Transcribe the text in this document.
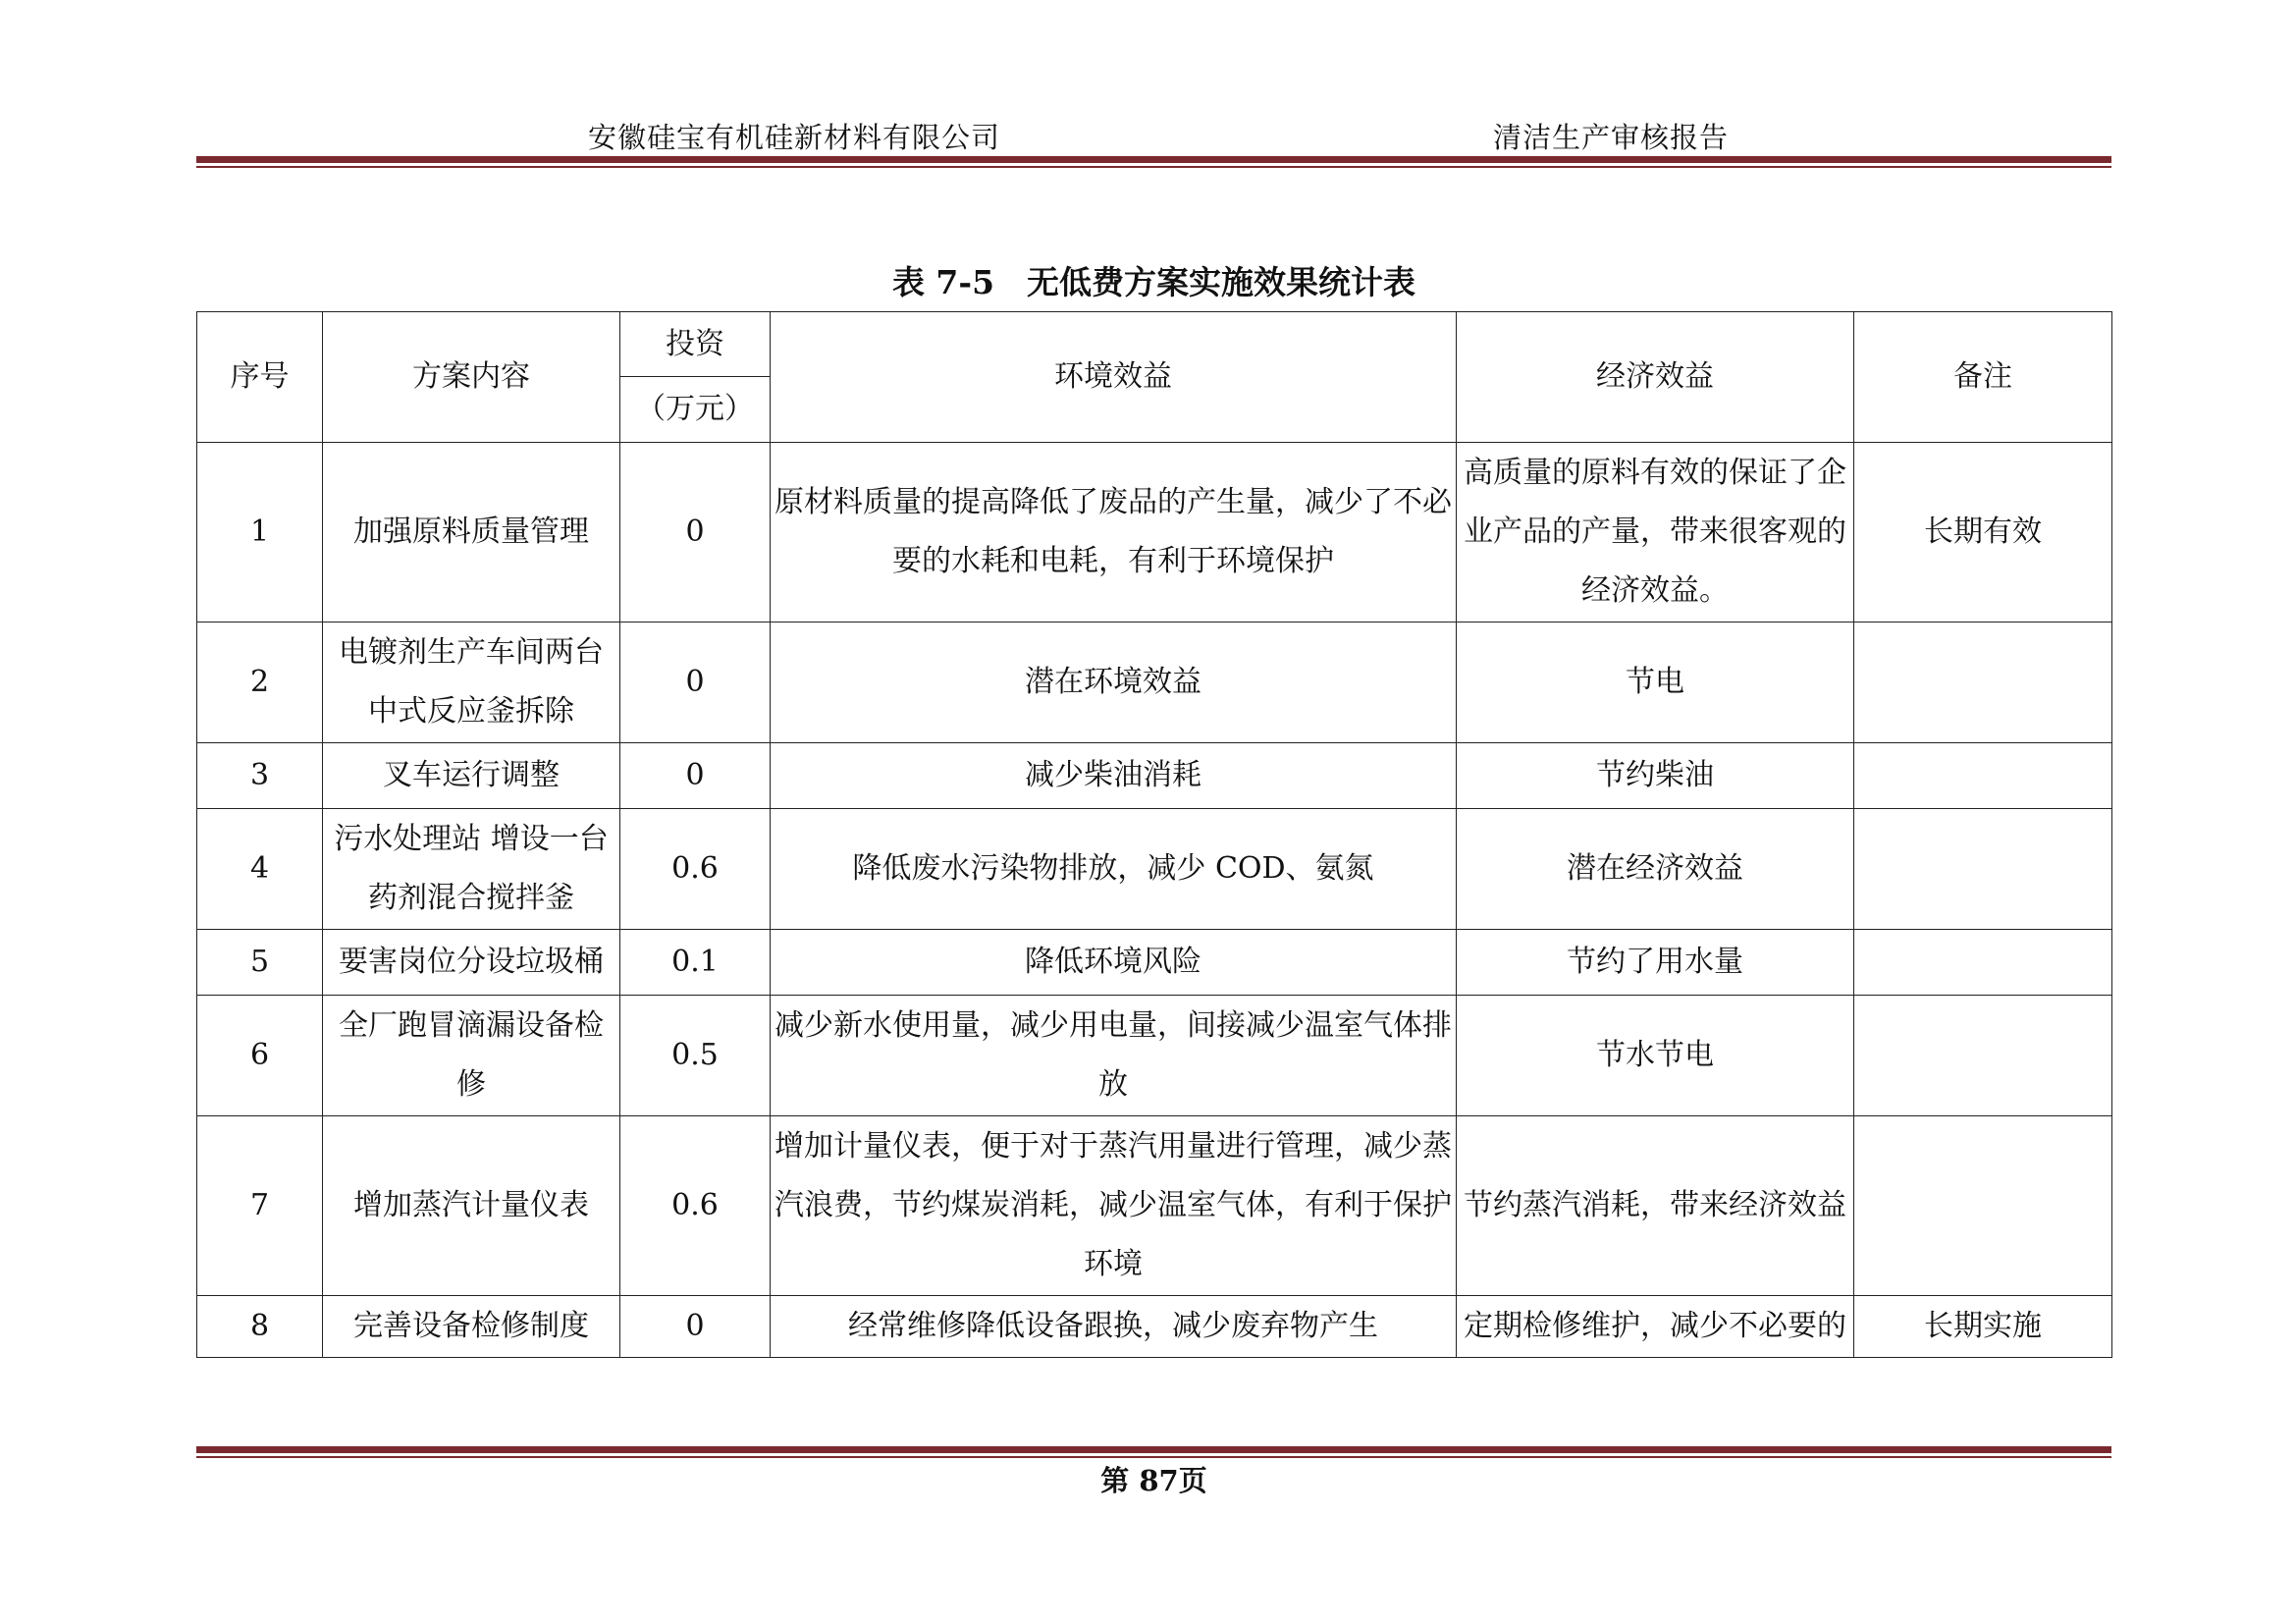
安徽硅宝有机硅新材料有限公司	清洁生产审核报告
表 7-5　无低费方案实施效果统计表
序号	方案内容	投资	环境效益	经济效益	备注
		（万元）			
1	加强原料质量管理	0	原材料质量的提高降低了废品的产生量，减少了不必要的水耗和电耗，有利于环境保护	高质量的原料有效的保证了企业产品的产量，带来很客观的经济效益。	长期有效
2	电镀剂生产车间两台中式反应釜拆除	0	潜在环境效益	节电	
3	叉车运行调整	0	减少柴油消耗	节约柴油	
4	污水处理站 增设一台药剂混合搅拌釜	0.6	降低废水污染物排放，减少 COD、氨氮	潜在经济效益	
5	要害岗位分设垃圾桶	0.1	降低环境风险	节约了用水量	
6	全厂跑冒滴漏设备检修	0.5	减少新水使用量，减少用电量，间接减少温室气体排放	节水节电	
7	增加蒸汽计量仪表	0.6	增加计量仪表，便于对于蒸汽用量进行管理，减少蒸汽浪费，节约煤炭消耗，减少温室气体，有利于保护环境	节约蒸汽消耗，带来经济效益	
8	完善设备检修制度	0	经常维修降低设备跟换，减少废弃物产生	定期检修维护，减少不必要的	长期实施
第 87页
